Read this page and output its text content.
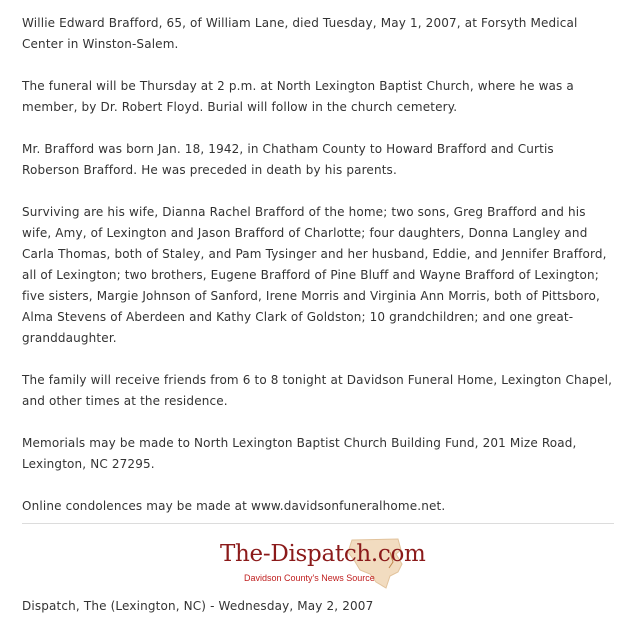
Willie Edward Brafford, 65, of William Lane, died Tuesday, May 1, 2007, at Forsyth Medical Center in Winston-Salem.

The funeral will be Thursday at 2 p.m. at North Lexington Baptist Church, where he was a member, by Dr. Robert Floyd. Burial will follow in the church cemetery.

Mr. Brafford was born Jan. 18, 1942, in Chatham County to Howard Brafford and Curtis Roberson Brafford. He was preceded in death by his parents.

Surviving are his wife, Dianna Rachel Brafford of the home; two sons, Greg Brafford and his wife, Amy, of Lexington and Jason Brafford of Charlotte; four daughters, Donna Langley and Carla Thomas, both of Staley, and Pam Tysinger and her husband, Eddie, and Jennifer Brafford, all of Lexington; two brothers, Eugene Brafford of Pine Bluff and Wayne Brafford of Lexington; five sisters, Margie Johnson of Sanford, Irene Morris and Virginia Ann Morris, both of Pittsboro, Alma Stevens of Aberdeen and Kathy Clark of Goldston; 10 grandchildren; and one great-granddaughter.

The family will receive friends from 6 to 8 tonight at Davidson Funeral Home, Lexington Chapel, and other times at the residence.

Memorials may be made to North Lexington Baptist Church Building Fund, 201 Mize Road, Lexington, NC 27295.

Online condolences may be made at www.davidsonfuneralhome.net.

The-Dispatch.com
Davidson County's News Source
Dispatch, The (Lexington, NC) - Wednesday, May 2, 2007
